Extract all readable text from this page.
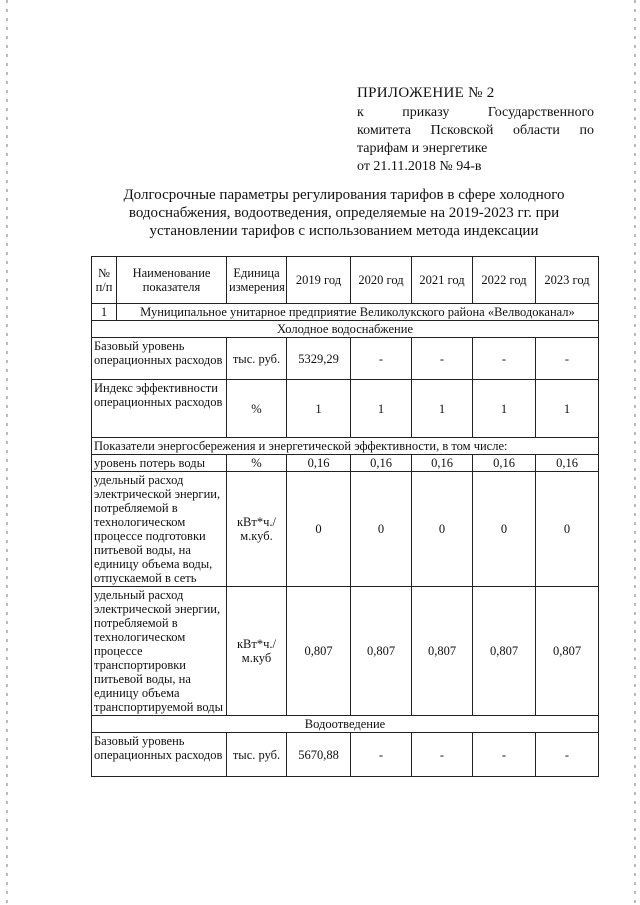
ПРИЛОЖЕНИЕ № 2
к приказу Государственного
комитета Псковской области по
тарифам и энергетике
от 21.11.2018 № 94-в
Долгосрочные параметры регулирования тарифов в сфере холодного
водоснабжения, водоотведения, определяемые на 2019-2023 гг. при
установлении тарифов с использованием метода индексации
№ п/п	Наименование показателя	Единица измерения	2019 год	2020 год	2021 год	2022 год	2023 год
1	Муниципальное унитарное предприятие Великолукского района «Велводоканал»						
Холодное водоснабжение							
Базовый уровень операционных расходов		тыс. руб.	5329,29	-	-	-	-
Индекс эффективности операционных расходов		%	1	1	1	1	1
Показатели энергосбережения и энергетической эффективности, в том числе:							
уровень потерь воды		%	0,16	0,16	0,16	0,16	0,16
удельный расход электрической энергии, потребляемой в технологическом процессе подготовки питьевой воды, на единицу объема воды, отпускаемой в сеть		кВт*ч./м.куб.	0	0	0	0	0
удельный расход электрической энергии, потребляемой в технологическом процессе транспортировки питьевой воды, на единицу объема транспортируемой воды		кВт*ч./м.куб	0,807	0,807	0,807	0,807	0,807
Водоотведение							
Базовый уровень операционных расходов		тыс. руб.	5670,88	-	-	-	-
